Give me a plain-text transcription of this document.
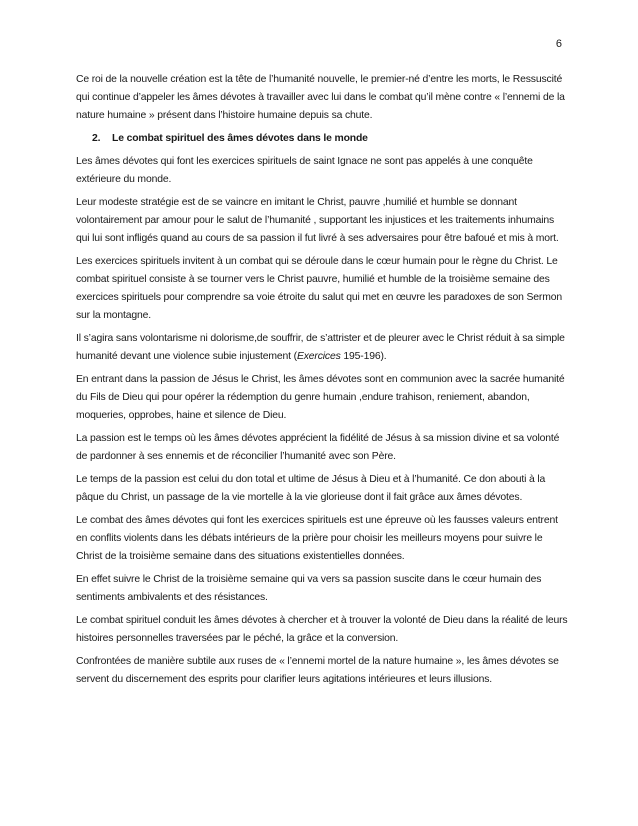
6

Ce roi de la nouvelle création est la tête de l’humanité nouvelle, le premier-né d’entre les morts, le Ressuscité qui continue d’appeler les âmes dévotes à travailler avec lui dans le combat qu’il mène contre « l’ennemi de la nature humaine » présent dans l’histoire humaine depuis sa chute.

2. Le combat spirituel des âmes dévotes dans le monde

Les âmes dévotes qui font les exercices spirituels de saint Ignace ne sont pas appelés à une conquête extérieure du monde.

Leur modeste stratégie est de se vaincre en imitant le Christ, pauvre ,humilié et humble se donnant volontairement par amour pour le salut de l’humanité , supportant les injustices et les traitements inhumains qui lui sont infligés quand au cours de sa passion il fut livré à ses adversaires pour être bafoué et mis à mort.

Les exercices spirituels invitent à un combat qui se déroule dans le cœur humain pour le règne du Christ. Le combat spirituel consiste à se tourner vers le Christ pauvre, humilié et humble de la troisième semaine des exercices spirituels pour comprendre sa voie étroite du salut qui met en œuvre les paradoxes de son Sermon sur la montagne.

Il s’agira sans volontarisme ni dolorisme,de souffrir, de s’attrister et de pleurer avec le Christ réduit à sa simple humanité devant une violence subie injustement (Exercices 195-196).

En entrant dans la passion de Jésus le Christ, les âmes dévotes sont en communion avec la sacrée humanité du Fils de Dieu qui pour opérer la rédemption du genre humain ,endure trahison, reniement, abandon, moqueries, opprobes, haine et silence de Dieu.

La passion est le temps où les âmes dévotes apprécient la fidélité de Jésus à sa mission divine et sa volonté de pardonner à ses ennemis et de réconcilier l’humanité avec son Père.

Le temps de la passion est celui du don total et ultime de Jésus à Dieu et à l’humanité. Ce don abouti à la pâque du Christ, un passage de la vie mortelle à la vie glorieuse dont il fait grâce aux âmes dévotes.

Le combat des âmes dévotes qui font les exercices spirituels est une épreuve où les fausses valeurs entrent en conflits violents dans les débats intérieurs de la prière pour choisir les meilleurs moyens pour suivre le Christ de la troisième semaine dans des situations existentielles données.

En effet suivre le Christ de la troisième semaine qui va vers sa passion suscite dans le cœur humain des sentiments ambivalents et des résistances.

Le combat spirituel conduit les âmes dévotes à chercher et à trouver la volonté de Dieu dans la réalité de leurs histoires personnelles traversées par le péché, la grâce et la conversion.

Confrontées de manière subtile aux ruses de « l’ennemi mortel de la nature humaine », les âmes dévotes se servent du discernement des esprits pour clarifier leurs agitations intérieures et leurs illusions.
